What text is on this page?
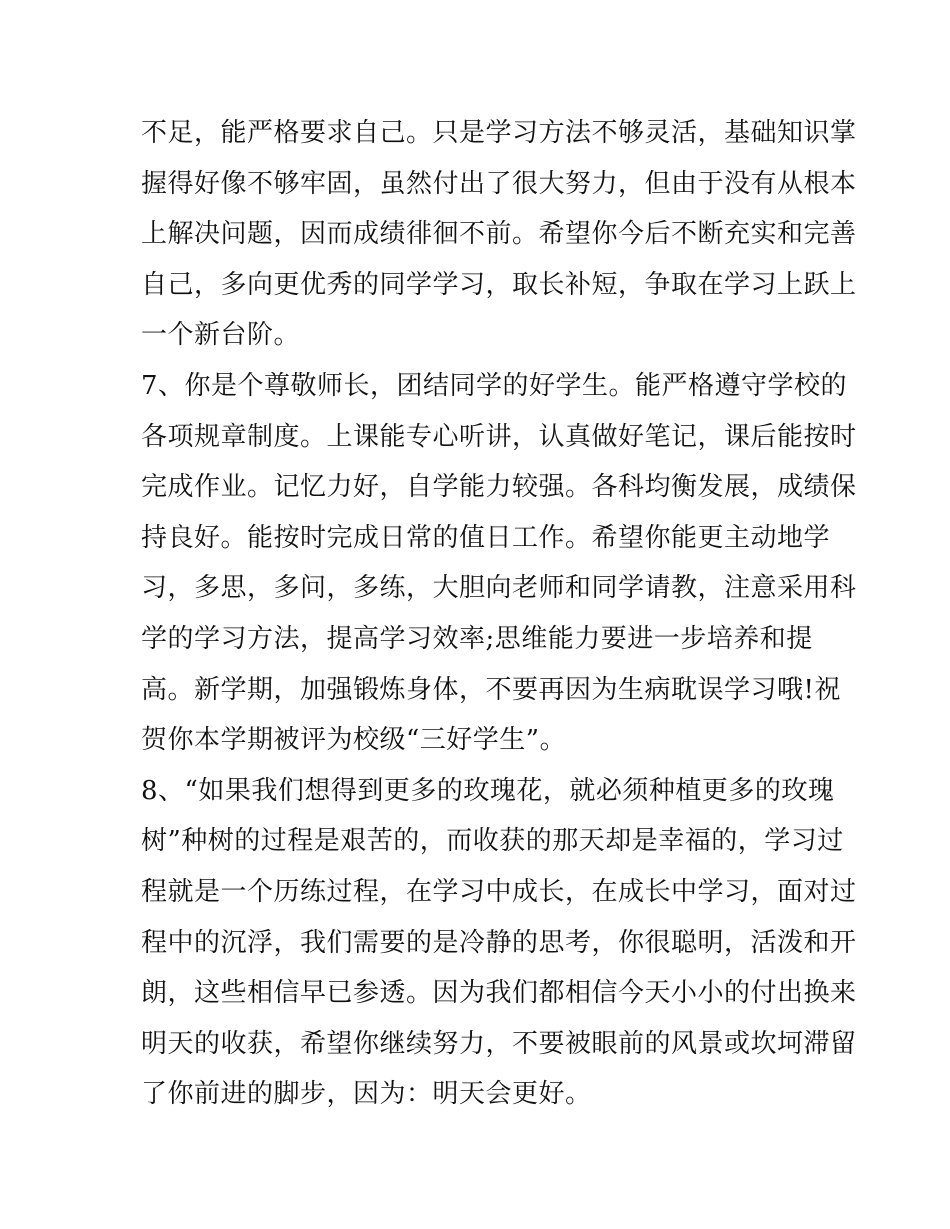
不足，能严格要求自己。只是学习方法不够灵活，基础知识掌
握得好像不够牢固，虽然付出了很大努力，但由于没有从根本
上解决问题，因而成绩徘徊不前。希望你今后不断充实和完善
自己，多向更优秀的同学学习，取长补短，争取在学习上跃上
一个新台阶。
7、你是个尊敬师长，团结同学的好学生。能严格遵守学校的
各项规章制度。上课能专心听讲，认真做好笔记，课后能按时
完成作业。记忆力好，自学能力较强。各科均衡发展，成绩保
持良好。能按时完成日常的值日工作。希望你能更主动地学
习，多思，多问，多练，大胆向老师和同学请教，注意采用科
学的学习方法，提高学习效率;思维能力要进一步培养和提
高。新学期，加强锻炼身体，不要再因为生病耽误学习哦!祝
贺你本学期被评为校级“三好学生”。
8、“如果我们想得到更多的玫瑰花，就必须种植更多的玫瑰
树”种树的过程是艰苦的，而收获的那天却是幸福的，学习过
程就是一个历练过程，在学习中成长，在成长中学习，面对过
程中的沉浮，我们需要的是冷静的思考，你很聪明，活泼和开
朗，这些相信早已参透。因为我们都相信今天小小的付出换来
明天的收获，希望你继续努力，不要被眼前的风景或坎坷滞留
了你前进的脚步，因为：明天会更好。
